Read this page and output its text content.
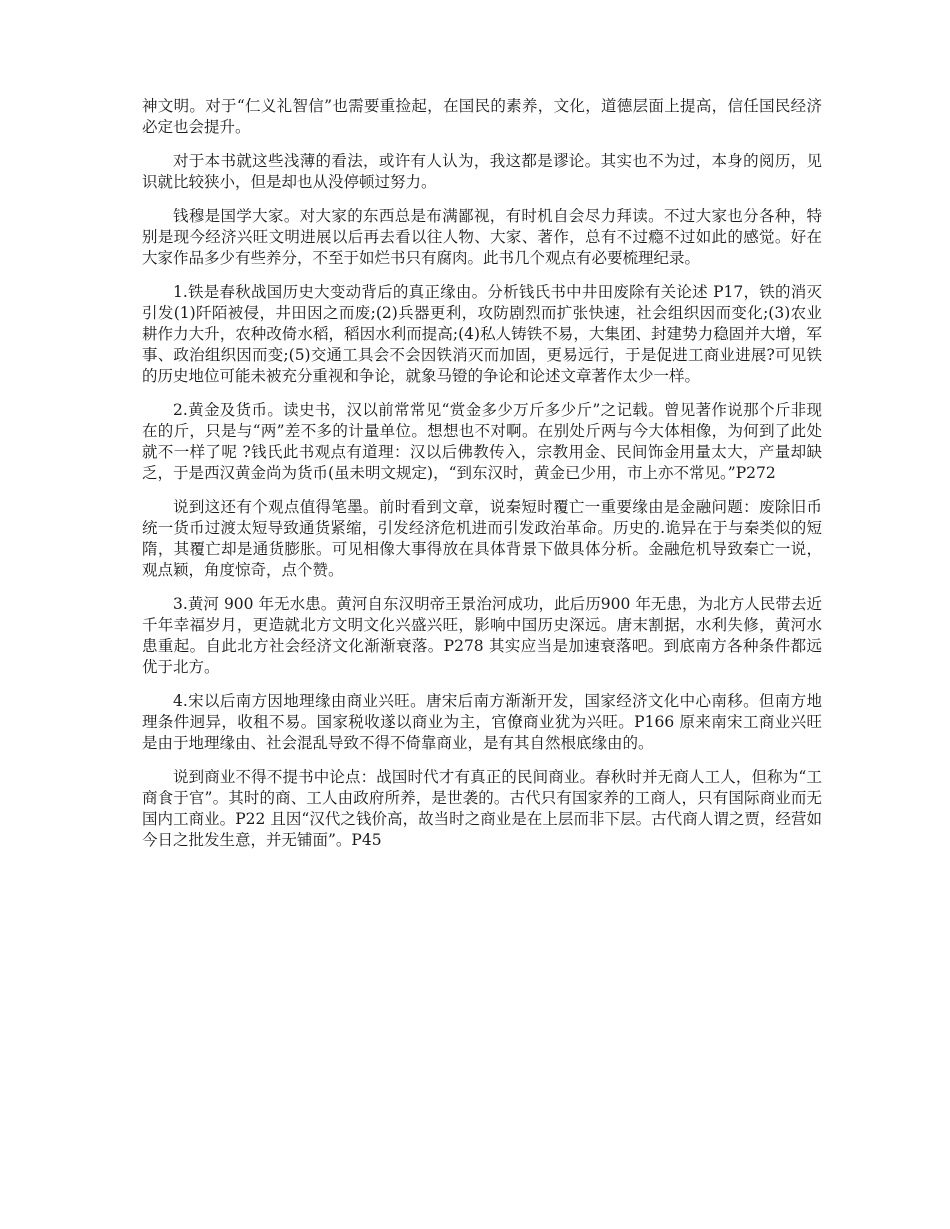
神文明。对于“仁义礼智信”也需要重捡起，在国民的素养，文化，道德层面上提高，信任国民经济必定也会提升。

对于本书就这些浅薄的看法，或许有人认为，我这都是谬论。其实也不为过，本身的阅历，见识就比较狭小，但是却也从没停顿过努力。

钱穆是国学大家。对大家的东西总是布满鄙视，有时机自会尽力拜读。不过大家也分各种，特别是现今经济兴旺文明进展以后再去看以往人物、大家、著作，总有不过瘾不过如此的感觉。好在大家作品多少有些养分，不至于如烂书只有腐肉。此书几个观点有必要梳理纪录。

1.铁是春秋战国历史大变动背后的真正缘由。分析钱氏书中井田废除有关论述 P17，铁的消灭引发(1)阡陌被侵，井田因之而废;(2)兵器更利，攻防剧烈而扩张快速，社会组织因而变化;(3)农业耕作力大升，农种改倚水稻，稻因水利而提高;(4)私人铸铁不易，大集团、封建势力稳固并大增，军事、政治组织因而变;(5)交通工具会不会因铁消灭而加固，更易远行，于是促进工商业进展?可见铁的历史地位可能未被充分重视和争论，就象马镫的争论和论述文章著作太少一样。

2.黄金及货币。读史书，汉以前常常见“赏金多少万斤多少斤”之记载。曾见著作说那个斤非现在的斤，只是与“两”差不多的计量单位。想想也不对啊。在别处斤两与今大体相像，为何到了此处就不一样了呢 ?钱氏此书观点有道理：汉以后佛教传入，宗教用金、民间饰金用量太大，产量却缺乏，于是西汉黄金尚为货币(虽未明文规定)，“到东汉时，黄金已少用，市上亦不常见。”P272

说到这还有个观点值得笔墨。前时看到文章，说秦短时覆亡一重要缘由是金融问题：废除旧币统一货币过渡太短导致通货紧缩，引发经济危机进而引发政治革命。历史的.诡异在于与秦类似的短隋，其覆亡却是通货膨胀。可见相像大事得放在具体背景下做具体分析。金融危机导致秦亡一说，观点颖，角度惊奇，点个赞。

3.黄河 900 年无水患。黄河自东汉明帝王景治河成功，此后历900 年无患，为北方人民带去近千年幸福岁月，更造就北方文明文化兴盛兴旺，影响中国历史深远。唐末割据，水利失修，黄河水患重起。自此北方社会经济文化渐渐衰落。P278 其实应当是加速衰落吧。到底南方各种条件都远优于北方。

4.宋以后南方因地理缘由商业兴旺。唐宋后南方渐渐开发，国家经济文化中心南移。但南方地理条件迥异，收租不易。国家税收遂以商业为主，官僚商业犹为兴旺。P166 原来南宋工商业兴旺是由于地理缘由、社会混乱导致不得不倚靠商业，是有其自然根底缘由的。

说到商业不得不提书中论点：战国时代才有真正的民间商业。春秋时并无商人工人，但称为“工商食于官”。其时的商、工人由政府所养，是世袭的。古代只有国家养的工商人，只有国际商业而无国内工商业。P22 且因“汉代之钱价高，故当时之商业是在上层而非下层。古代商人谓之贾，经营如今日之批发生意，并无铺面”。P45
